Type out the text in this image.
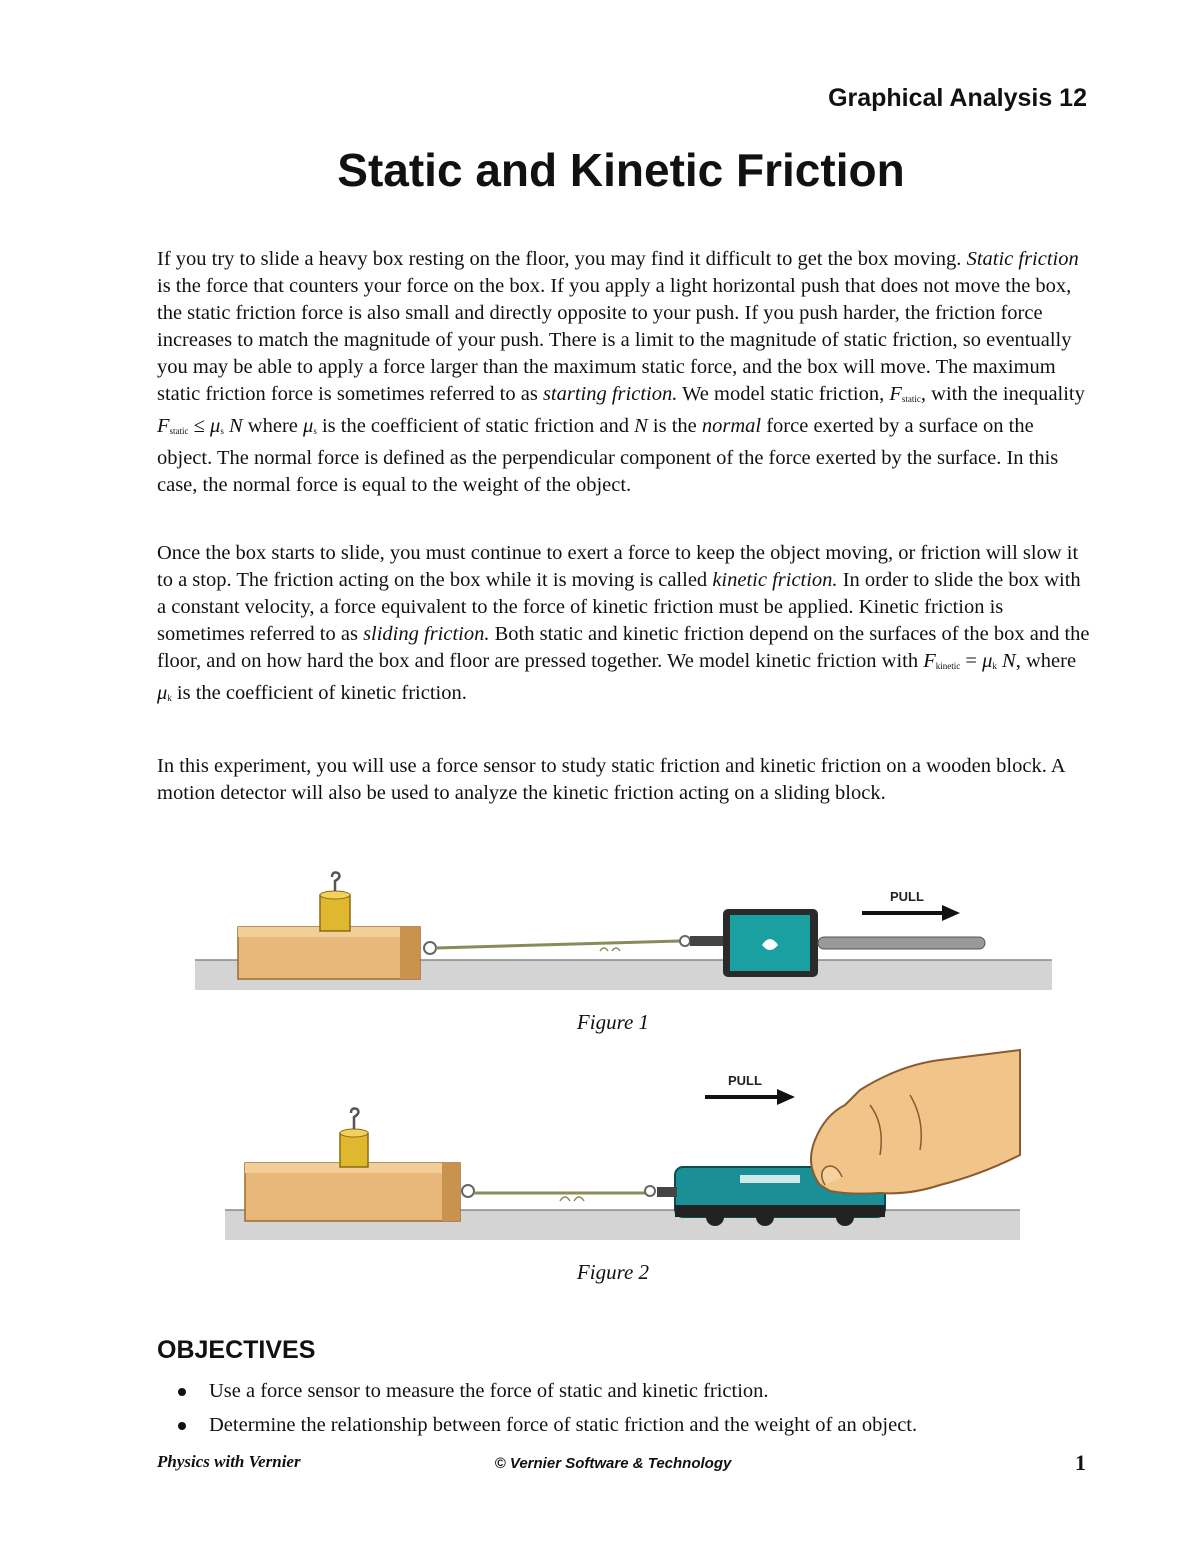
Graphical Analysis 12
Static and Kinetic Friction
If you try to slide a heavy box resting on the floor, you may find it difficult to get the box moving. Static friction is the force that counters your force on the box. If you apply a light horizontal push that does not move the box, the static friction force is also small and directly opposite to your push. If you push harder, the friction force increases to match the magnitude of your push. There is a limit to the magnitude of static friction, so eventually you may be able to apply a force larger than the maximum static force, and the box will move. The maximum static friction force is sometimes referred to as starting friction. We model static friction, $F_{static}$, with the inequality $F_{static} \le \mu_s$ N where $\mu_s$ is the coefficient of static friction and N is the normal force exerted by a surface on the object. The normal force is defined as the perpendicular component of the force exerted by the surface. In this case, the normal force is equal to the weight of the object.
Once the box starts to slide, you must continue to exert a force to keep the object moving, or friction will slow it to a stop. The friction acting on the box while it is moving is called kinetic friction. In order to slide the box with a constant velocity, a force equivalent to the force of kinetic friction must be applied. Kinetic friction is sometimes referred to as sliding friction. Both static and kinetic friction depend on the surfaces of the box and the floor, and on how hard the box and floor are pressed together. We model kinetic friction with $F_{kinetic} = \mu_k$ N, where $\mu_k$ is the coefficient of kinetic friction.
In this experiment, you will use a force sensor to study static friction and kinetic friction on a wooden block. A motion detector will also be used to analyze the kinetic friction acting on a sliding block.
PULL
Figure 1
PULL
Figure 2
OBJECTIVES
Use a force sensor to measure the force of static and kinetic friction.
Determine the relationship between force of static friction and the weight of an object.
Physics with Vernier	© Vernier Software & Technology	1
